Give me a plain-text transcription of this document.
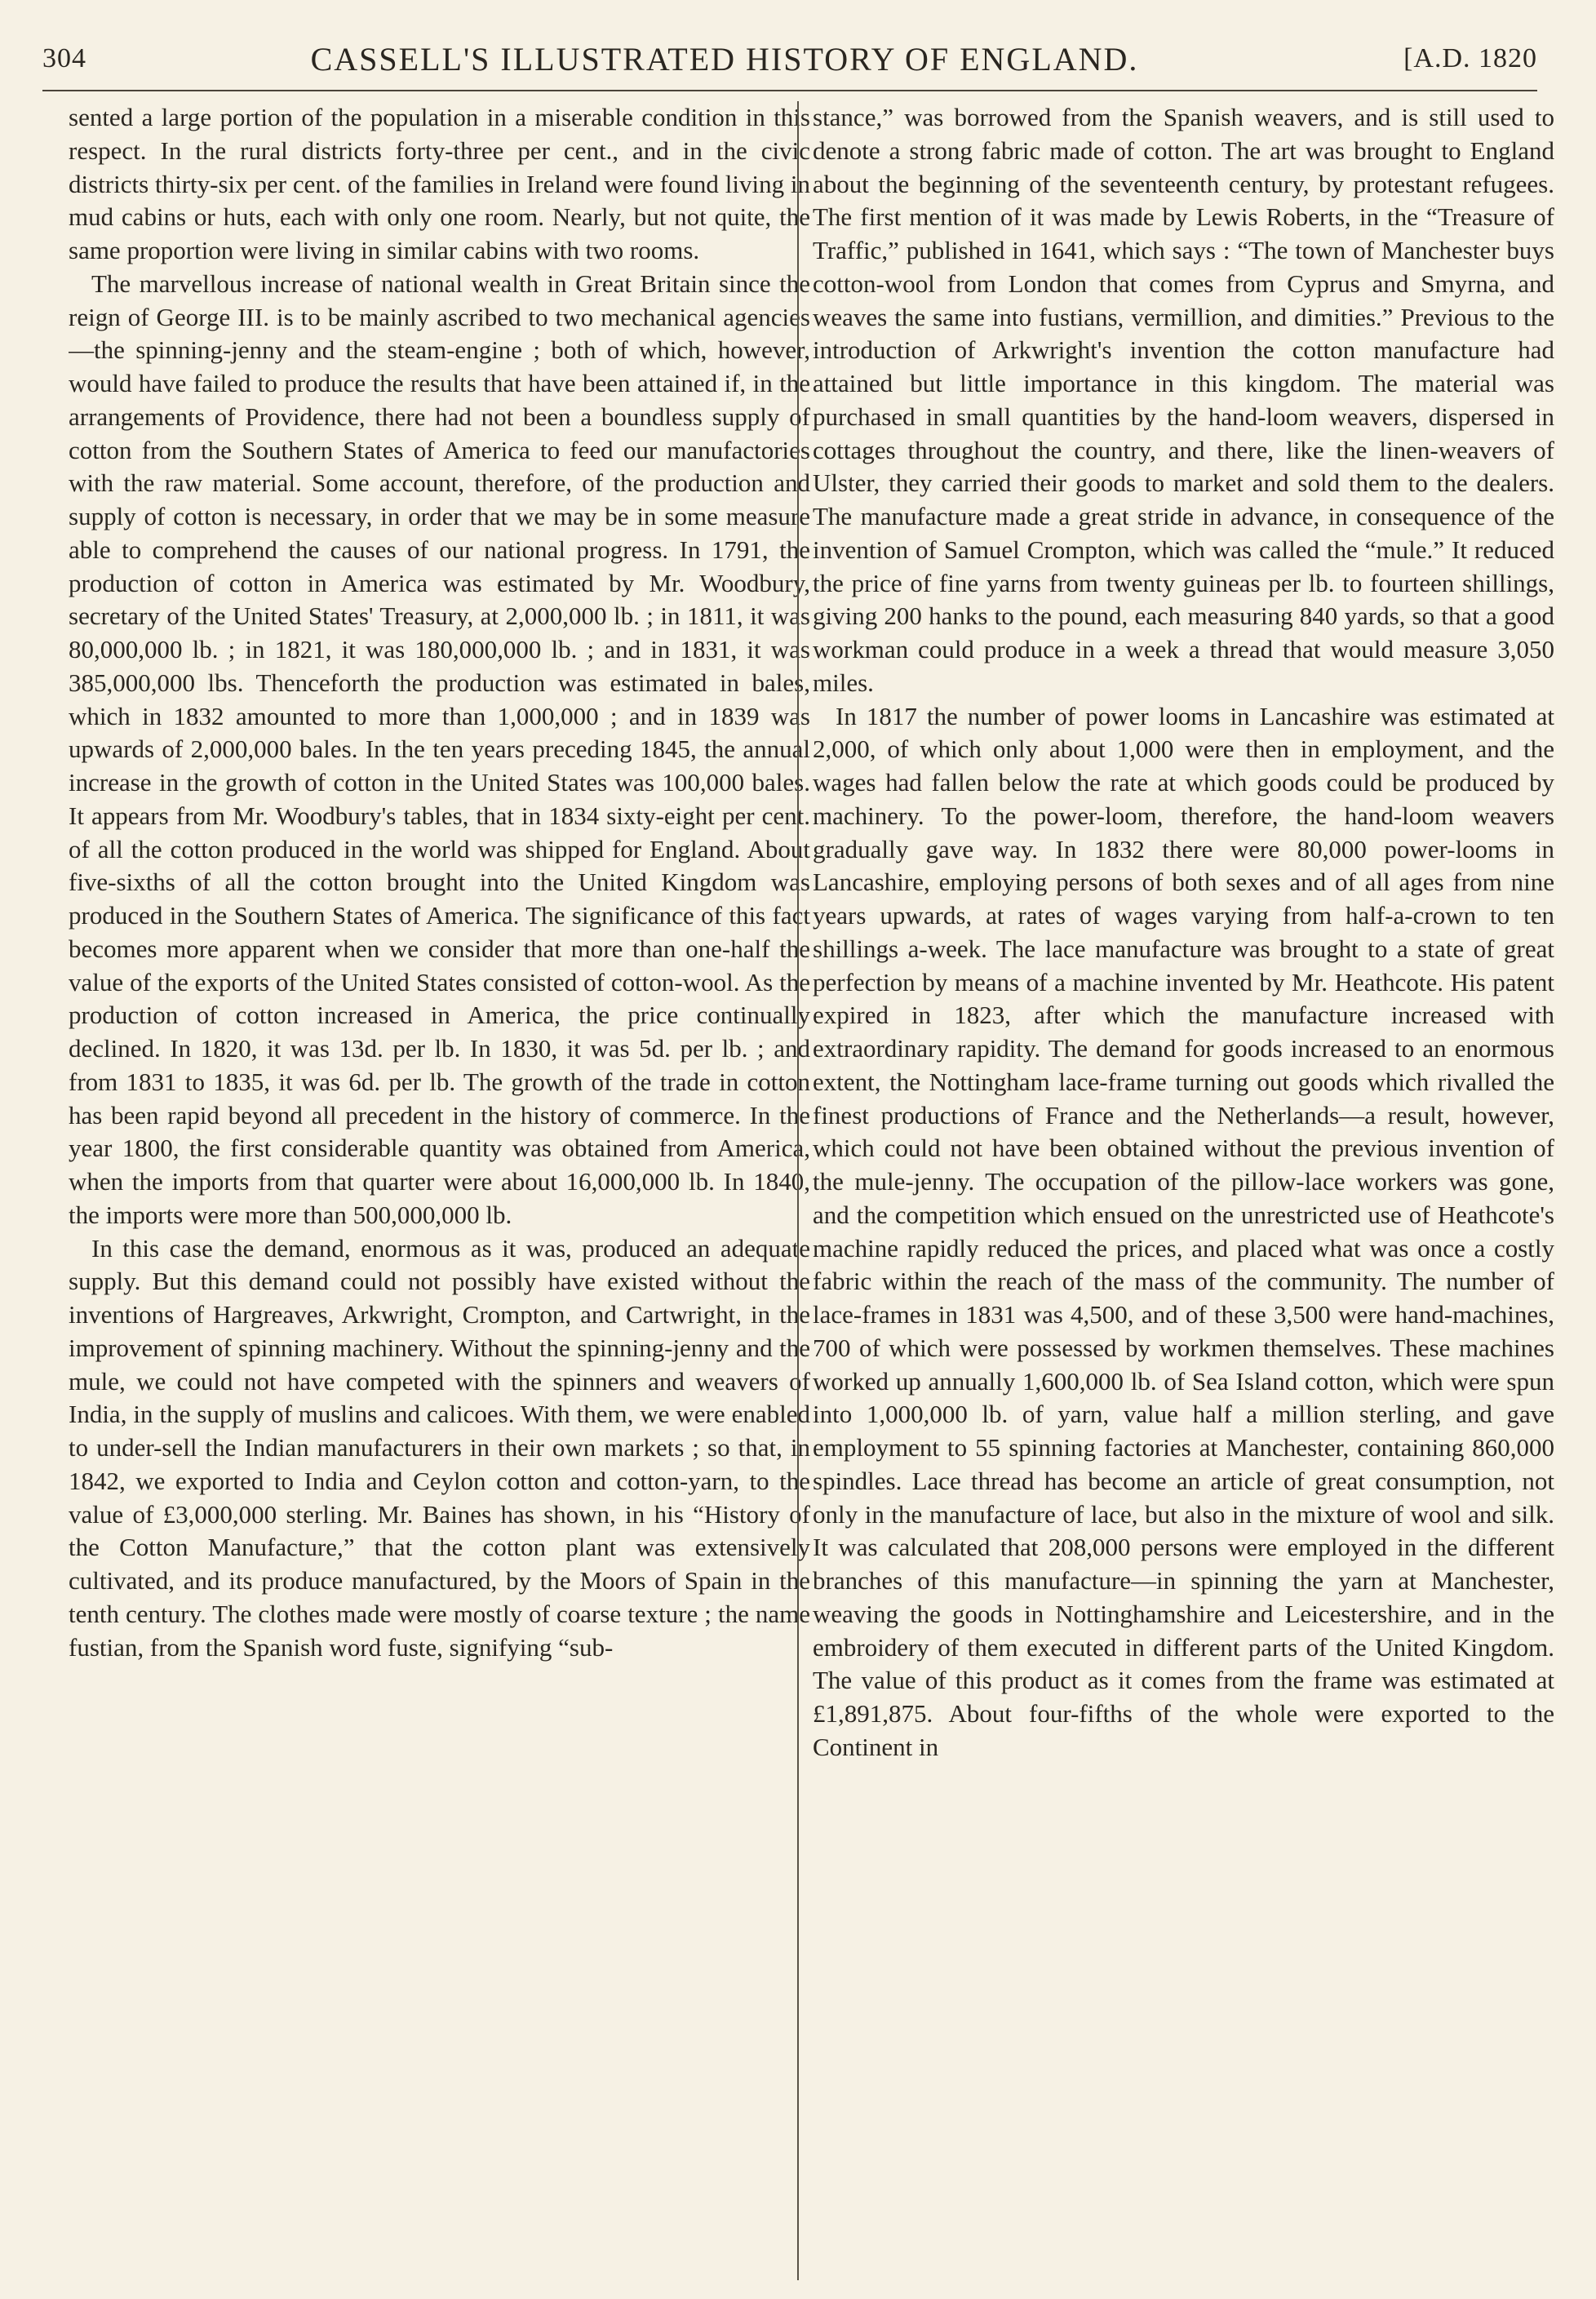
304	CASSELL'S ILLUSTRATED HISTORY OF ENGLAND.	[A.D. 1820

sented a large portion of the population in a miserable condition in this respect. In the rural districts forty-three per cent., and in the civic districts thirty-six per cent. of the families in Ireland were found living in mud cabins or huts, each with only one room. Nearly, but not quite, the same proportion were living in similar cabins with two rooms.

The marvellous increase of national wealth in Great Britain since the reign of George III. is to be mainly ascribed to two mechanical agencies—the spinning-jenny and the steam-engine ; both of which, however, would have failed to produce the results that have been attained if, in the arrangements of Providence, there had not been a boundless supply of cotton from the Southern States of America to feed our manufactories with the raw material. Some account, therefore, of the production and supply of cotton is necessary, in order that we may be in some measure able to comprehend the causes of our national progress. In 1791, the production of cotton in America was estimated by Mr. Woodbury, secretary of the United States' Treasury, at 2,000,000 lb. ; in 1811, it was 80,000,000 lb. ; in 1821, it was 180,000,000 lb. ; and in 1831, it was 385,000,000 lbs. Thenceforth the production was estimated in bales, which in 1832 amounted to more than 1,000,000 ; and in 1839 was upwards of 2,000,000 bales. In the ten years preceding 1845, the annual increase in the growth of cotton in the United States was 100,000 bales. It appears from Mr. Woodbury's tables, that in 1834 sixty-eight per cent. of all the cotton produced in the world was shipped for England. About five-sixths of all the cotton brought into the United Kingdom was produced in the Southern States of America. The significance of this fact becomes more apparent when we consider that more than one-half the value of the exports of the United States consisted of cotton-wool. As the production of cotton increased in America, the price continually declined. In 1820, it was 13d. per lb. In 1830, it was 5d. per lb. ; and from 1831 to 1835, it was 6d. per lb. The growth of the trade in cotton has been rapid beyond all precedent in the history of commerce. In the year 1800, the first considerable quantity was obtained from America, when the imports from that quarter were about 16,000,000 lb. In 1840, the imports were more than 500,000,000 lb.

In this case the demand, enormous as it was, produced an adequate supply. But this demand could not possibly have existed without the inventions of Hargreaves, Arkwright, Crompton, and Cartwright, in the improvement of spinning machinery. Without the spinning-jenny and the mule, we could not have competed with the spinners and weavers of India, in the supply of muslins and calicoes. With them, we were enabled to under-sell the Indian manufacturers in their own markets ; so that, in 1842, we exported to India and Ceylon cotton and cotton-yarn, to the value of £3,000,000 sterling. Mr. Baines has shown, in his “History of the Cotton Manufacture,” that the cotton plant was extensively cultivated, and its produce manufactured, by the Moors of Spain in the tenth century. The clothes made were mostly of coarse texture ; the name fustian, from the Spanish word fuste, signifying “sub-

stance,” was borrowed from the Spanish weavers, and is still used to denote a strong fabric made of cotton. The art was brought to England about the beginning of the seventeenth century, by protestant refugees. The first mention of it was made by Lewis Roberts, in the “Treasure of Traffic,” published in 1641, which says : “The town of Manchester buys cotton-wool from London that comes from Cyprus and Smyrna, and weaves the same into fustians, vermillion, and dimities.” Previous to the introduction of Arkwright's invention the cotton manufacture had attained but little importance in this kingdom. The material was purchased in small quantities by the hand-loom weavers, dispersed in cottages throughout the country, and there, like the linen-weavers of Ulster, they carried their goods to market and sold them to the dealers. The manufacture made a great stride in advance, in consequence of the invention of Samuel Crompton, which was called the “mule.” It reduced the price of fine yarns from twenty guineas per lb. to fourteen shillings, giving 200 hanks to the pound, each measuring 840 yards, so that a good workman could produce in a week a thread that would measure 3,050 miles.

In 1817 the number of power looms in Lancashire was estimated at 2,000, of which only about 1,000 were then in employment, and the wages had fallen below the rate at which goods could be produced by machinery. To the power-loom, therefore, the hand-loom weavers gradually gave way. In 1832 there were 80,000 power-looms in Lancashire, employing persons of both sexes and of all ages from nine years upwards, at rates of wages varying from half-a-crown to ten shillings a-week. The lace manufacture was brought to a state of great perfection by means of a machine invented by Mr. Heathcote. His patent expired in 1823, after which the manufacture increased with extraordinary rapidity. The demand for goods increased to an enormous extent, the Nottingham lace-frame turning out goods which rivalled the finest productions of France and the Netherlands—a result, however, which could not have been obtained without the previous invention of the mule-jenny. The occupation of the pillow-lace workers was gone, and the competition which ensued on the unrestricted use of Heathcote's machine rapidly reduced the prices, and placed what was once a costly fabric within the reach of the mass of the community. The number of lace-frames in 1831 was 4,500, and of these 3,500 were hand-machines, 700 of which were possessed by workmen themselves. These machines worked up annually 1,600,000 lb. of Sea Island cotton, which were spun into 1,000,000 lb. of yarn, value half a million sterling, and gave employment to 55 spinning factories at Manchester, containing 860,000 spindles. Lace thread has become an article of great consumption, not only in the manufacture of lace, but also in the mixture of wool and silk. It was calculated that 208,000 persons were employed in the different branches of this manufacture—in spinning the yarn at Manchester, weaving the goods in Nottinghamshire and Leicestershire, and in the embroidery of them executed in different parts of the United Kingdom. The value of this product as it comes from the frame was estimated at £1,891,875. About four-fifths of the whole were exported to the Continent in
